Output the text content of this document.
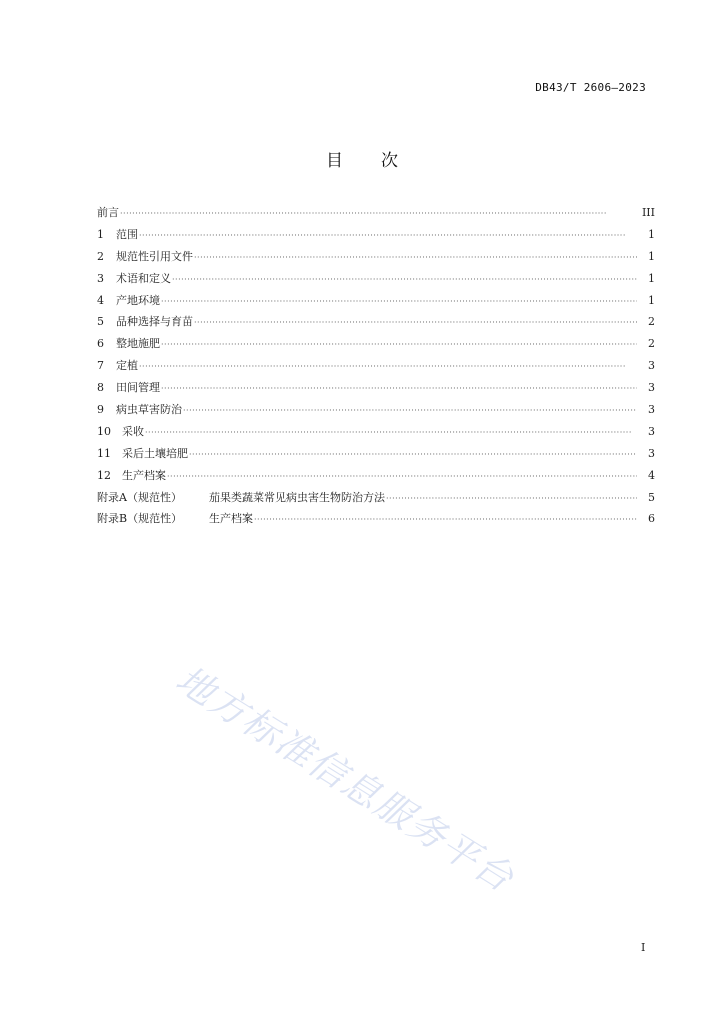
DB43/T 2606—2023
目 次
前言 ·····	III
1	范围 ·····	1
2	规范性引用文件 ·····	1
3	术语和定义 ·····	1
4	产地环境 ·····	1
5	品种选择与育苗 ·····	2
6	整地施肥 ·····	2
7	定植 ·····	3
8	田间管理 ·····	3
9	病虫草害防治 ·····	3
10	采收 ·····	3
11	采后土壤培肥 ·····	3
12	生产档案 ·····	4
附录A（规范性）	茄果类蔬菜常见病虫害生物防治方法 ·····	5
附录B（规范性）	生产档案 ·····	6
地方标准信息服务平台
I
